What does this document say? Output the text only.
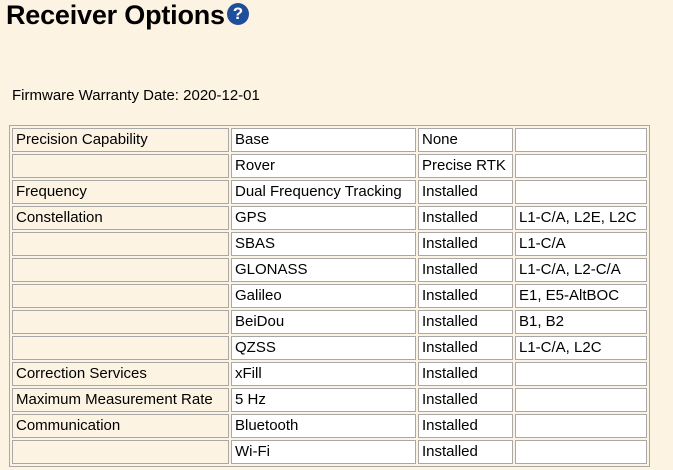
Receiver Options ?
Firmware Warranty Date: 2020-12-01
Precision Capability	Base	None	
	Rover	Precise RTK	
Frequency	Dual Frequency Tracking	Installed	
Constellation	GPS	Installed	L1-C/A, L2E, L2C
	SBAS	Installed	L1-C/A
	GLONASS	Installed	L1-C/A, L2-C/A
	Galileo	Installed	E1, E5-AltBOC
	BeiDou	Installed	B1, B2
	QZSS	Installed	L1-C/A, L2C
Correction Services	xFill	Installed	
Maximum Measurement Rate	5 Hz	Installed	
Communication	Bluetooth	Installed	
	Wi-Fi	Installed	
